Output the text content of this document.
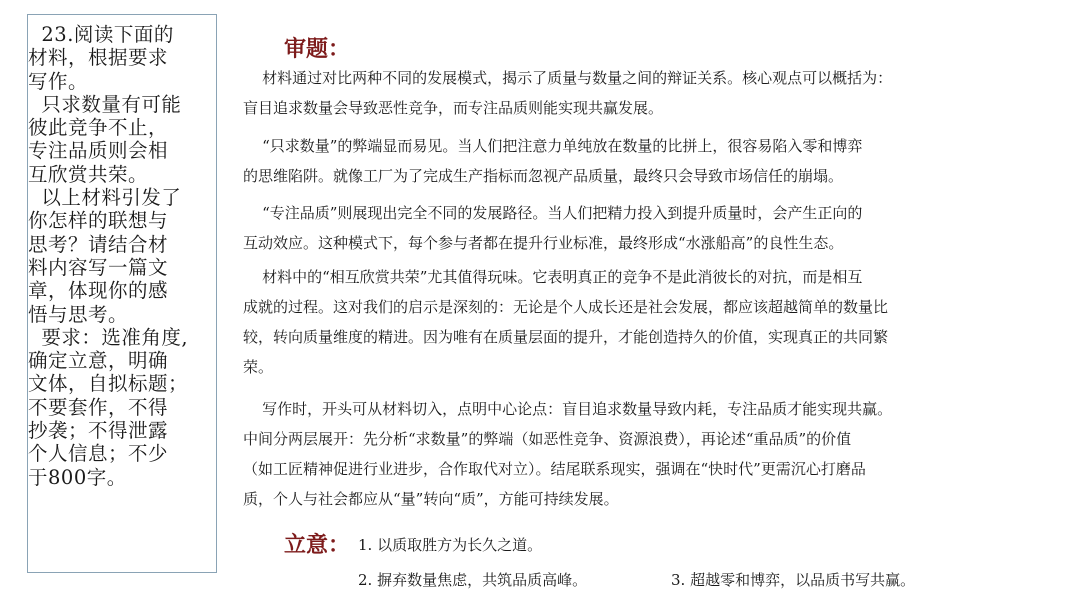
23.阅读下面的
材料，根据要求
写作。
只求数量有可能
彼此竞争不止，
专注品质则会相
互欣赏共荣。
以上材料引发了
你怎样的联想与
思考？请结合材
料内容写一篇文
章，体现你的感
悟与思考。
要求：选准角度,
确定立意，明确
文体，自拟标题；
不要套作，不得
抄袭；不得泄露
个人信息；不少
于800字。
审题：
材料通过对比两种不同的发展模式，揭示了质量与数量之间的辩证关系。核心观点可以概括为：
盲目追求数量会导致恶性竞争，而专注品质则能实现共赢发展。
“只求数量”的弊端显而易见。当人们把注意力单纯放在数量的比拼上，很容易陷入零和博弈
的思维陷阱。就像工厂为了完成生产指标而忽视产品质量，最终只会导致市场信任的崩塌。
“专注品质”则展现出完全不同的发展路径。当人们把精力投入到提升质量时，会产生正向的
互动效应。这种模式下，每个参与者都在提升行业标准，最终形成“水涨船高”的良性生态。
材料中的“相互欣赏共荣”尤其值得玩味。它表明真正的竞争不是此消彼长的对抗，而是相互
成就的过程。这对我们的启示是深刻的：无论是个人成长还是社会发展，都应该超越简单的数量比
较，转向质量维度的精进。因为唯有在质量层面的提升，才能创造持久的价值，实现真正的共同繁
荣。
写作时，开头可从材料切入，点明中心论点：盲目追求数量导致内耗，专注品质才能实现共赢。
中间分两层展开：先分析“求数量”的弊端（如恶性竞争、资源浪费），再论述“重品质”的价值
（如工匠精神促进行业进步，合作取代对立）。结尾联系现实，强调在“快时代”更需沉心打磨品
质，个人与社会都应从“量”转向“质”，方能可持续发展。
立意： 1. 以质取胜方为长久之道。
2. 摒弃数量焦虑，共筑品质高峰。	3. 超越零和博弈，以品质书写共赢。
